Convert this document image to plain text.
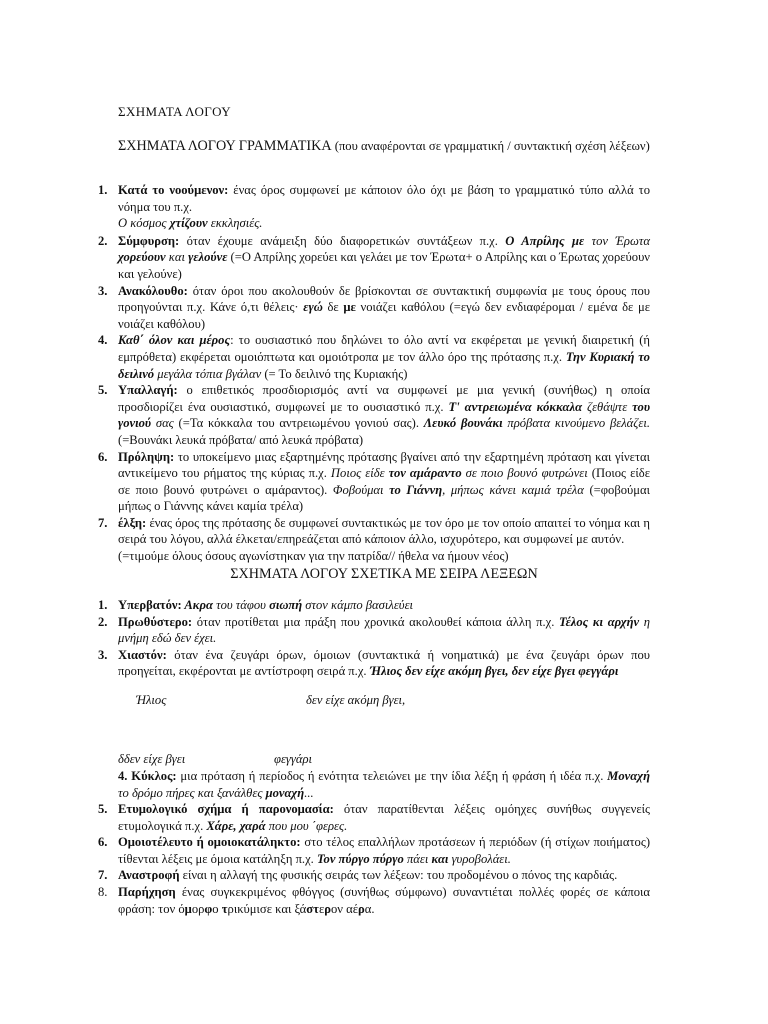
ΣΧΗΜΑΤΑ ΛΟΓΟΥ
ΣΧΗΜΑΤΑ ΛΟΓΟΥ ΓΡΑΜΜΑΤΙΚΑ (που αναφέρονται σε γραμματική / συντακτική σχέση λέξεων)
1. Κατά το νοούμενον: ένας όρος συμφωνεί με κάποιον όλο όχι με βάση το γραμματικό τύπο αλλά το νόημα του π.χ.
Ο κόσμος χτίζουν εκκλησιές.
2. Σύμφυρση: όταν έχουμε ανάμειξη δύο διαφορετικών συντάξεων π.χ. Ο Απρίλης με τον Έρωτα χορεύουν και γελούνε (=Ο Απρίλης χορεύει και γελάει με τον Έρωτα+ ο Απρίλης και ο Έρωτας χορεύουν και γελούνε)
3. Ανακόλουθο: όταν όροι που ακολουθούν δε βρίσκονται σε συντακτική συμφωνία με τους όρους που προηγούνται π.χ. Κάνε ό,τι θέλεις· εγώ δε με νοιάζει καθόλου (=εγώ δεν ενδιαφέρομαι / εμένα δε με νοιάζει καθόλου)
4. Καθ΄ όλον και μέρος: το ουσιαστικό που δηλώνει το όλο αντί να εκφέρεται με γενική διαιρετική (ή εμπρόθετα) εκφέρεται ομοιόπτωτα και ομοιότροπα με τον άλλο όρο της πρότασης π.χ. Την Κυριακή το δειλινό μεγάλα τόπια βγάλαν (= Το δειλινό της Κυριακής)
5. Υπαλλαγή: ο επιθετικός προσδιορισμός αντί να συμφωνεί με μια γενική (συνήθως) η οποία προσδιορίζει ένα ουσιαστικό, συμφωνεί με το ουσιαστικό π.χ. Τ' αντρειωμένα κόκκαλα ζεθάψτε του γονιού σας (=Τα κόκκαλα του αντρειωμένου γονιού σας). Λευκό βουνάκι πρόβατα κινούμενο βελάζει. (=Βουνάκι λευκά πρόβατα/ από λευκά πρόβατα)
6. Πρόληψη: το υποκείμενο μιας εξαρτημένης πρότασης βγαίνει από την εξαρτημένη πρόταση και γίνεται αντικείμενο του ρήματος της κύριας π.χ. Ποιος είδε τον αμάραντο σε ποιο βουνό φυτρώνει (Ποιος είδε σε ποιο βουνό φυτρώνει ο αμάραντος). Φοβούμαι το Γιάννη, μήπως κάνει καμιά τρέλα (=φοβούμαι μήπως ο Γιάννης κάνει καμία τρέλα)
7. έλξη: ένας όρος της πρότασης δε συμφωνεί συντακτικώς με τον όρο με τον οποίο απαιτεί το νόημα και η σειρά του λόγου, αλλά έλκεται/επηρεάζεται από κάποιον άλλο, ισχυρότερο, και συμφωνεί με αυτόν.
(=τιμούμε όλους όσους αγωνίστηκαν για την πατρίδα// ήθελα να ήμουν νέος)
ΣΧΗΜΑΤΑ ΛΟΓΟΥ ΣΧΕΤΙΚΑ ΜΕ ΣΕΙΡΑ ΛΕΞΕΩΝ
1. Υπερβατόν: Ακρα του τάφου σιωπή στον κάμπο βασιλεύει
2. Πρωθύστερο: όταν προτίθεται μια πράξη που χρονικά ακολουθεί κάποια άλλη π.χ. Τέλος κι αρχήν η μνήμη εδώ δεν έχει.
3. Χιαστόν: όταν ένα ζευγάρι όρων, όμοιων (συντακτικά ή νοηματικά) με ένα ζευγάρι όρων που προηγείται, εκφέρονται με αντίστροφη σειρά π.χ. Ήλιος δεν είχε ακόμη βγει, δεν είχε βγει φεγγάρι
Ήλιος	δεν είχε ακόμη βγει,
δδεν είχε βγει	φεγγάρι
4. Κύκλος: μια πρόταση ή περίοδος ή ενότητα τελειώνει με την ίδια λέξη ή φράση ή ιδέα π.χ. Μοναχή το δρόμο πήρες και ξανάλθες μοναχή...
5. Ετυμολογικό σχήμα ή παρονομασία: όταν παρατίθενται λέξεις ομόηχες συνήθως συγγενείς ετυμολογικά π.χ. Χάρε, χαρά που μου ΄φερες.
6. Ομοιοτέλευτο ή ομοιοκατάληκτο: στο τέλος επαλλήλων προτάσεων ή περιόδων (ή στίχων ποιήματος) τίθενται λέξεις με όμοια κατάληξη π.χ. Τον πύργο πύργο πάει και γυροβολάει.
7. Αναστροφή είναι η αλλαγή της φυσικής σειράς των λέξεων: του προδομένου ο πόνος της καρδιάς.
8. Παρήχηση ένας συγκεκριμένος φθόγγος (συνήθως σύμφωνο) συναντιέται πολλές φορές σε κάποια φράση: τον όμορφο τρικύμισε και ξάστερον αέρα.
